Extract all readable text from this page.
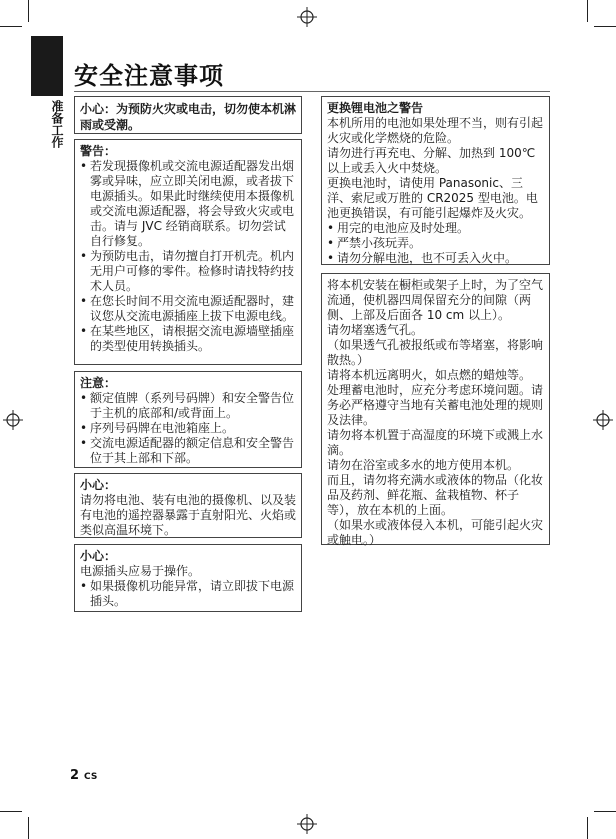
准备工作
安全注意事项

小心：为预防火灾或电击，切勿使本机淋雨或受潮。

警告：

• 若发现摄像机或交流电源适配器发出烟雾或异味，应立即关闭电源，或者拔下电源插头。如果此时继续使用本摄像机或交流电源适配器，将会导致火灾或电击。请与 JVC 经销商联系。切勿尝试自行修复。
• 为预防电击，请勿擅自打开机壳。机内无用户可修的零件。检修时请找特约技术人员。
• 在您长时间不用交流电源适配器时，建议您从交流电源插座上拔下电源电线。
• 在某些地区，请根据交流电源墙壁插座的类型使用转换插头。

注意：

• 额定值牌（系列号码牌）和安全警告位于主机的底部和/或背面上。
• 序列号码牌在电池箱座上。
• 交流电源适配器的额定信息和安全警告位于其上部和下部。

小心：

请勿将电池、装有电池的摄像机、以及装有电池的遥控器暴露于直射阳光、火焰或类似高温环境下。

小心：

电源插头应易于操作。

• 如果摄像机功能异常，请立即拔下电源插头。

更换锂电池之警告

本机所用的电池如果处理不当，则有引起火灾或化学燃烧的危险。

请勿进行再充电、分解、加热到 100℃ 以上或丢入火中焚烧。

更换电池时，请使用 Panasonic、三洋、索尼或万胜的 CR2025 型电池。电池更换错误，有可能引起爆炸及火灾。

• 用完的电池应及时处理。
• 严禁小孩玩弄。
• 请勿分解电池，也不可丢入火中。

将本机安装在橱柜或架子上时，为了空气流通，使机器四周保留充分的间隙（两侧、上部及后面各 10 cm 以上）。

请勿堵塞透气孔。

（如果透气孔被报纸或布等堵塞，将影响散热。）

请将本机远离明火，如点燃的蜡烛等。

处理蓄电池时，应充分考虑环境问题。请务必严格遵守当地有关蓄电池处理的规则及法律。

请勿将本机置于高湿度的环境下或溅上水滴。

请勿在浴室或多水的地方使用本机。

而且，请勿将充满水或液体的物品（化妆品及药剂、鲜花瓶、盆栽植物、杯子等），放在本机的上面。

（如果水或液体侵入本机，可能引起火灾或触电。）

2 CS
